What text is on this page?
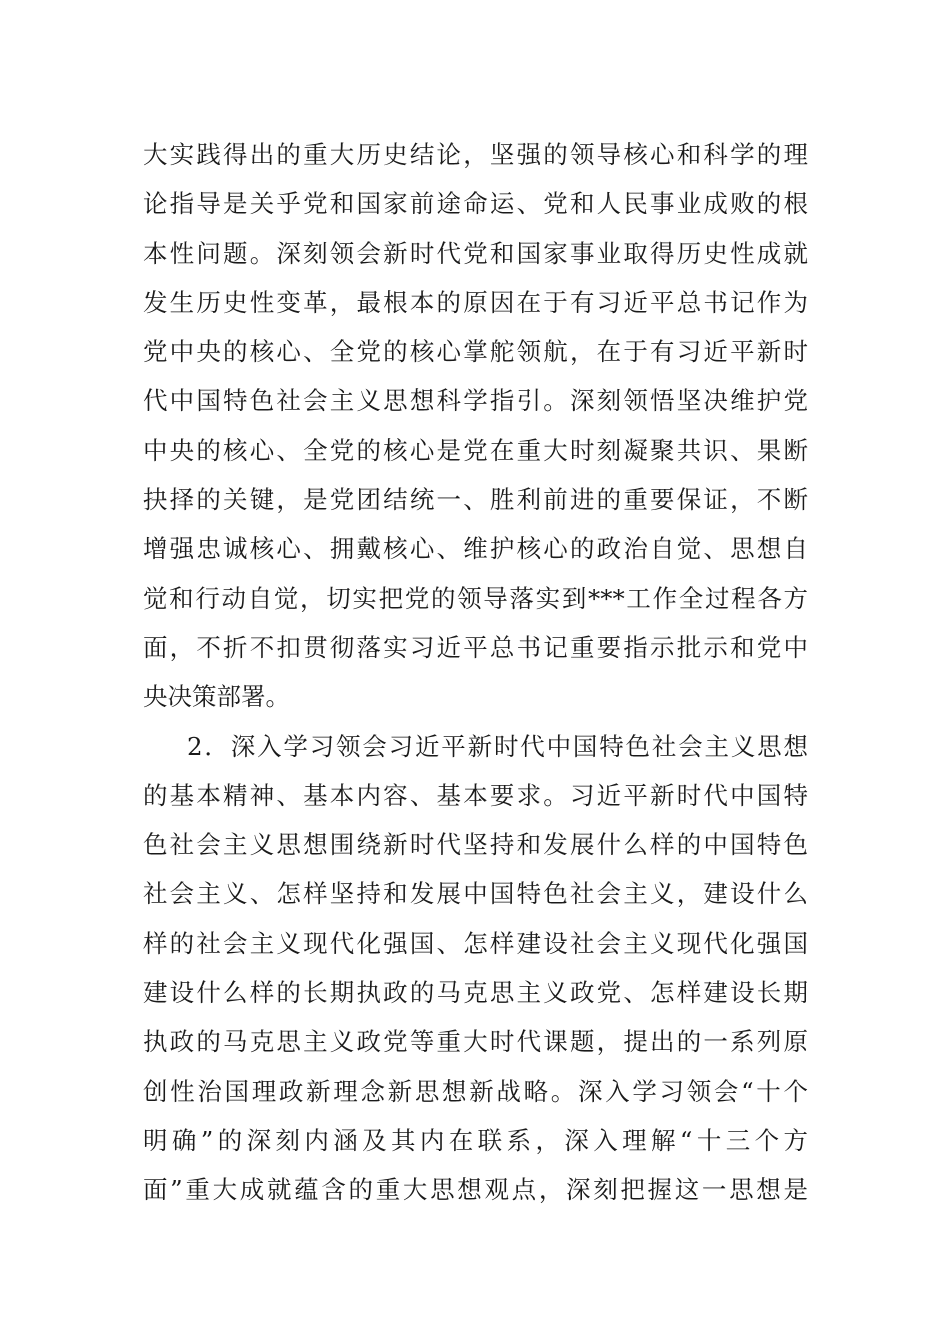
大实践得出的重大历史结论，坚强的领导核心和科学的理
论指导是关乎党和国家前途命运、党和人民事业成败的根
本性问题。深刻领会新时代党和国家事业取得历史性成就
发生历史性变革，最根本的原因在于有习近平总书记作为
党中央的核心、全党的核心掌舵领航，在于有习近平新时
代中国特色社会主义思想科学指引。深刻领悟坚决维护党
中央的核心、全党的核心是党在重大时刻凝聚共识、果断
抉择的关键，是党团结统一、胜利前进的重要保证，不断
增强忠诚核心、拥戴核心、维护核心的政治自觉、思想自
觉和行动自觉，切实把党的领导落实到***工作全过程各方
面，不折不扣贯彻落实习近平总书记重要指示批示和党中
央决策部署。
2．深入学习领会习近平新时代中国特色社会主义思想
的基本精神、基本内容、基本要求。习近平新时代中国特
色社会主义思想围绕新时代坚持和发展什么样的中国特色
社会主义、怎样坚持和发展中国特色社会主义，建设什么
样的社会主义现代化强国、怎样建设社会主义现代化强国
建设什么样的长期执政的马克思主义政党、怎样建设长期
执政的马克思主义政党等重大时代课题，提出的一系列原
创性治国理政新理念新思想新战略。深入学习领会“十个
明确”的深刻内涵及其内在联系，深入理解“十三个方
面”重大成就蕴含的重大思想观点，深刻把握这一思想是
